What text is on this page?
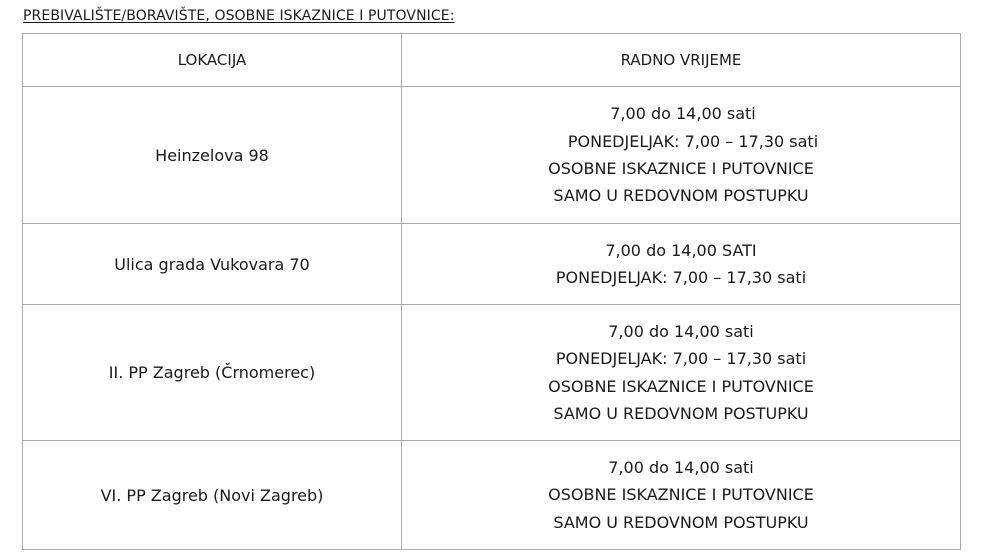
PREBIVALIŠTE/BORAVIŠTE, OSOBNE ISKAZNICE I PUTOVNICE:
LOKACIJA	RADNO VRIJEME
Heinzelova 98	7,00 do 14,00 sati
PONEDJELJAK: 7,00 – 17,30 sati
OSOBNE ISKAZNICE I PUTOVNICE
SAMO U REDOVNOM POSTUPKU

Ulica grada Vukovara 70	7,00 do 14,00 SATI
PONEDJELJAK: 7,00 – 17,30 sati

II. PP Zagreb (Črnomerec)	7,00 do 14,00 sati
PONEDJELJAK: 7,00 – 17,30 sati
OSOBNE ISKAZNICE I PUTOVNICE
SAMO U REDOVNOM POSTUPKU

VI. PP Zagreb (Novi Zagreb)	7,00 do 14,00 sati
OSOBNE ISKAZNICE I PUTOVNICE
SAMO U REDOVNOM POSTUPKU
